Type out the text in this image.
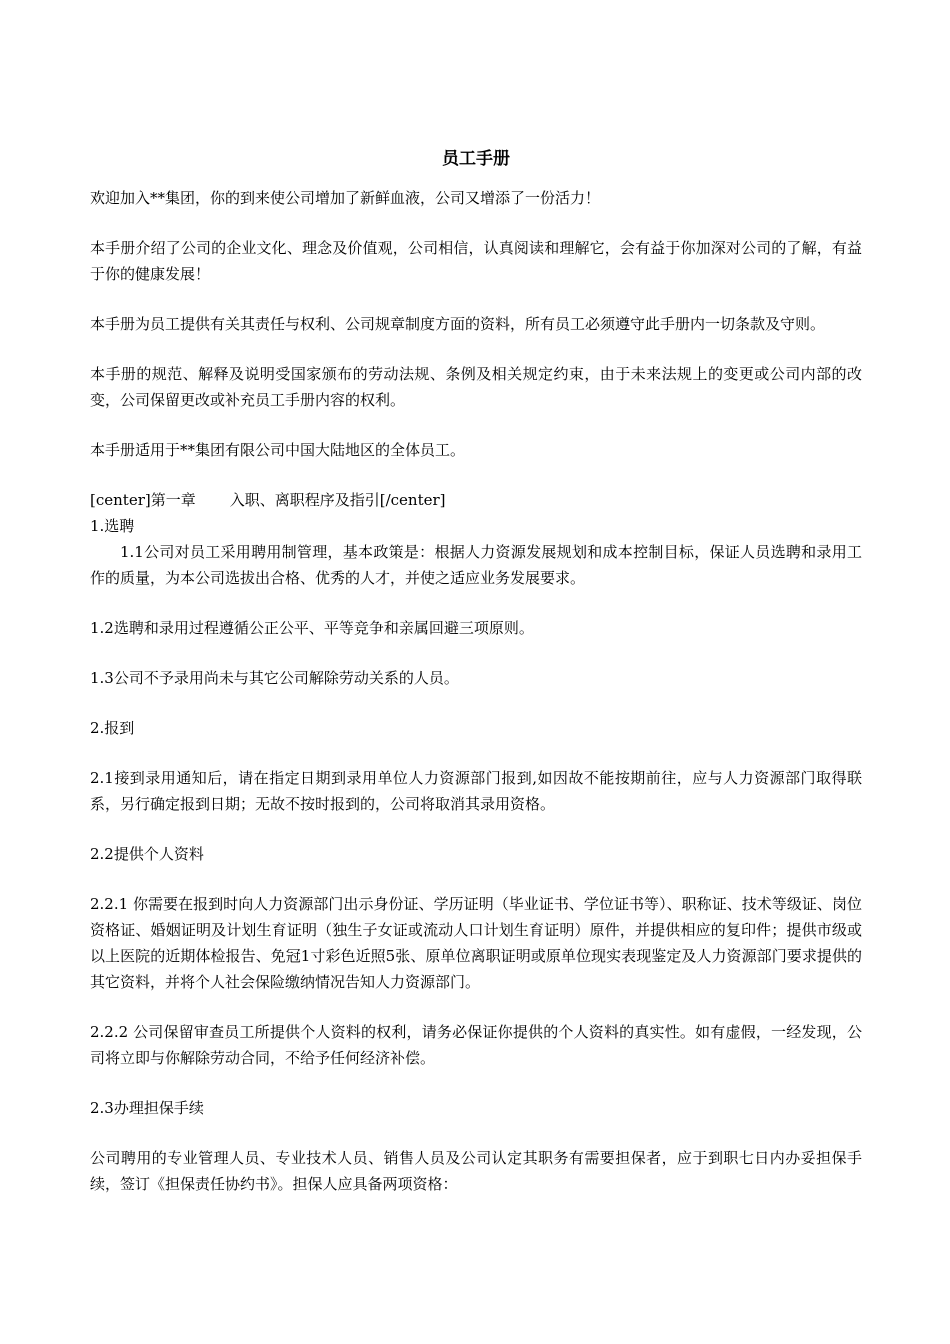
员工手册

欢迎加入**集团，你的到来使公司增加了新鲜血液，公司又增添了一份活力！

本手册介绍了公司的企业文化、理念及价值观，公司相信，认真阅读和理解它，会有益于你加深对公司的了解，有益于你的健康发展！

本手册为员工提供有关其责任与权利、公司规章制度方面的资料，所有员工必须遵守此手册内一切条款及守则。

本手册的规范、解释及说明受国家颁布的劳动法规、条例及相关规定约束，由于未来法规上的变更或公司内部的改变，公司保留更改或补充员工手册内容的权利。

本手册适用于**集团有限公司中国大陆地区的全体员工。

[center]第一章 入职、离职程序及指引[/center]

1.选聘

1.1公司对员工采用聘用制管理，基本政策是：根据人力资源发展规划和成本控制目标，保证人员选聘和录用工作的质量，为本公司选拔出合格、优秀的人才，并使之适应业务发展要求。

1.2选聘和录用过程遵循公正公平、平等竞争和亲属回避三项原则。

1.3公司不予录用尚未与其它公司解除劳动关系的人员。

2.报到

2.1接到录用通知后，请在指定日期到录用单位人力资源部门报到,如因故不能按期前往，应与人力资源部门取得联系，另行确定报到日期；无故不按时报到的，公司将取消其录用资格。

2.2提供个人资料

2.2.1 你需要在报到时向人力资源部门出示身份证、学历证明（毕业证书、学位证书等）、职称证、技术等级证、岗位资格证、婚姻证明及计划生育证明（独生子女证或流动人口计划生育证明）原件，并提供相应的复印件；提供市级或以上医院的近期体检报告、免冠1寸彩色近照5张、原单位离职证明或原单位现实表现鉴定及人力资源部门要求提供的其它资料，并将个人社会保险缴纳情况告知人力资源部门。

2.2.2 公司保留审查员工所提供个人资料的权利，请务必保证你提供的个人资料的真实性。如有虚假，一经发现，公司将立即与你解除劳动合同，不给予任何经济补偿。

2.3办理担保手续

公司聘用的专业管理人员、专业技术人员、销售人员及公司认定其职务有需要担保者，应于到职七日内办妥担保手续，签订《担保责任协约书》。担保人应具备两项资格：
